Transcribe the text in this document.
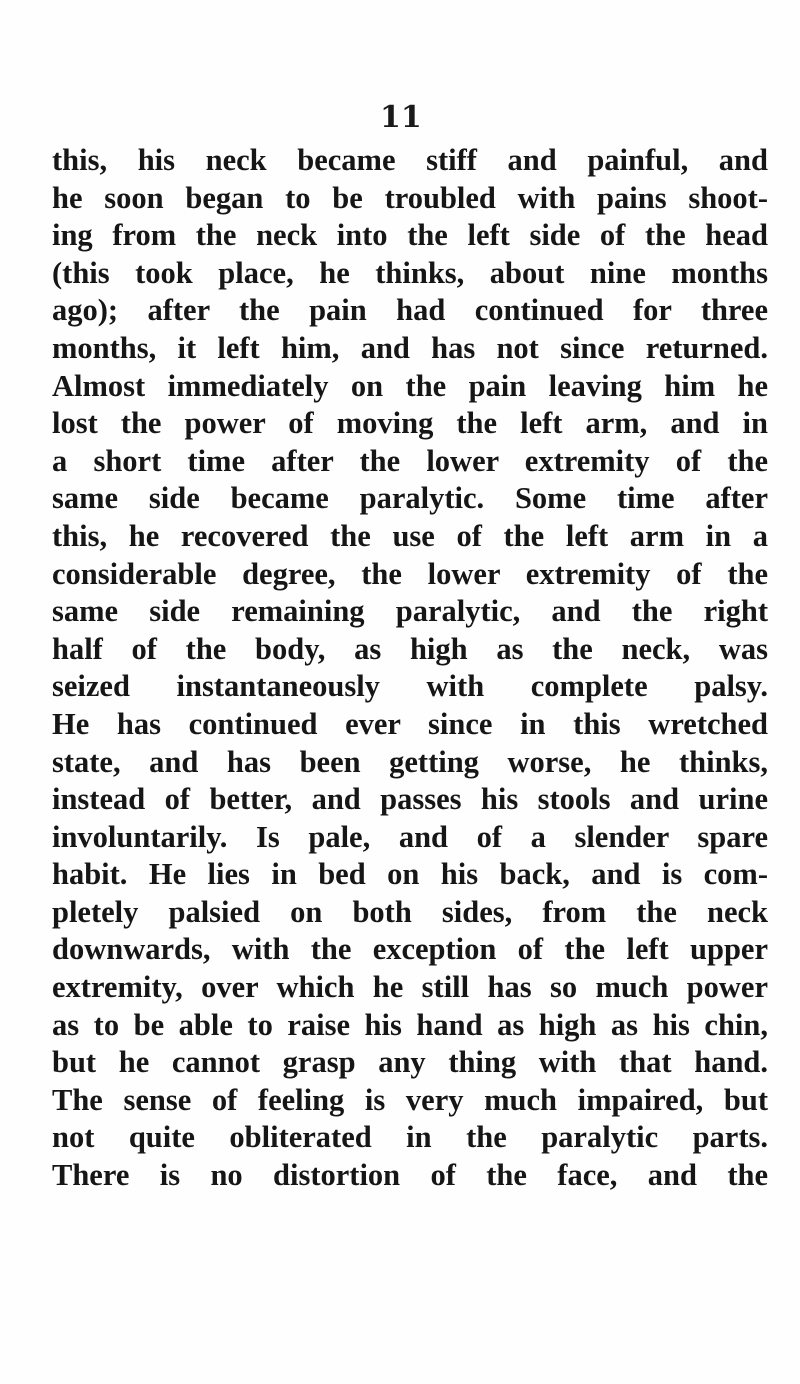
11
this, his neck became stiff and painful, and
he soon began to be troubled with pains shoot-
ing from the neck into the left side of the head
(this took place, he thinks, about nine months
ago); after the pain had continued for three
months, it left him, and has not since returned.
Almost immediately on the pain leaving him he
lost the power of moving the left arm, and in
a short time after the lower extremity of the
same side became paralytic. Some time after
this, he recovered the use of the left arm in a
considerable degree, the lower extremity of the
same side remaining paralytic, and the right
half of the body, as high as the neck, was
seized instantaneously with complete palsy.
He has continued ever since in this wretched
state, and has been getting worse, he thinks,
instead of better, and passes his stools and urine
involuntarily. Is pale, and of a slender spare
habit. He lies in bed on his back, and is com-
pletely palsied on both sides, from the neck
downwards, with the exception of the left upper
extremity, over which he still has so much power
as to be able to raise his hand as high as his chin,
but he cannot grasp any thing with that hand.
The sense of feeling is very much impaired, but
not quite obliterated in the paralytic parts.
There is no distortion of the face, and the
